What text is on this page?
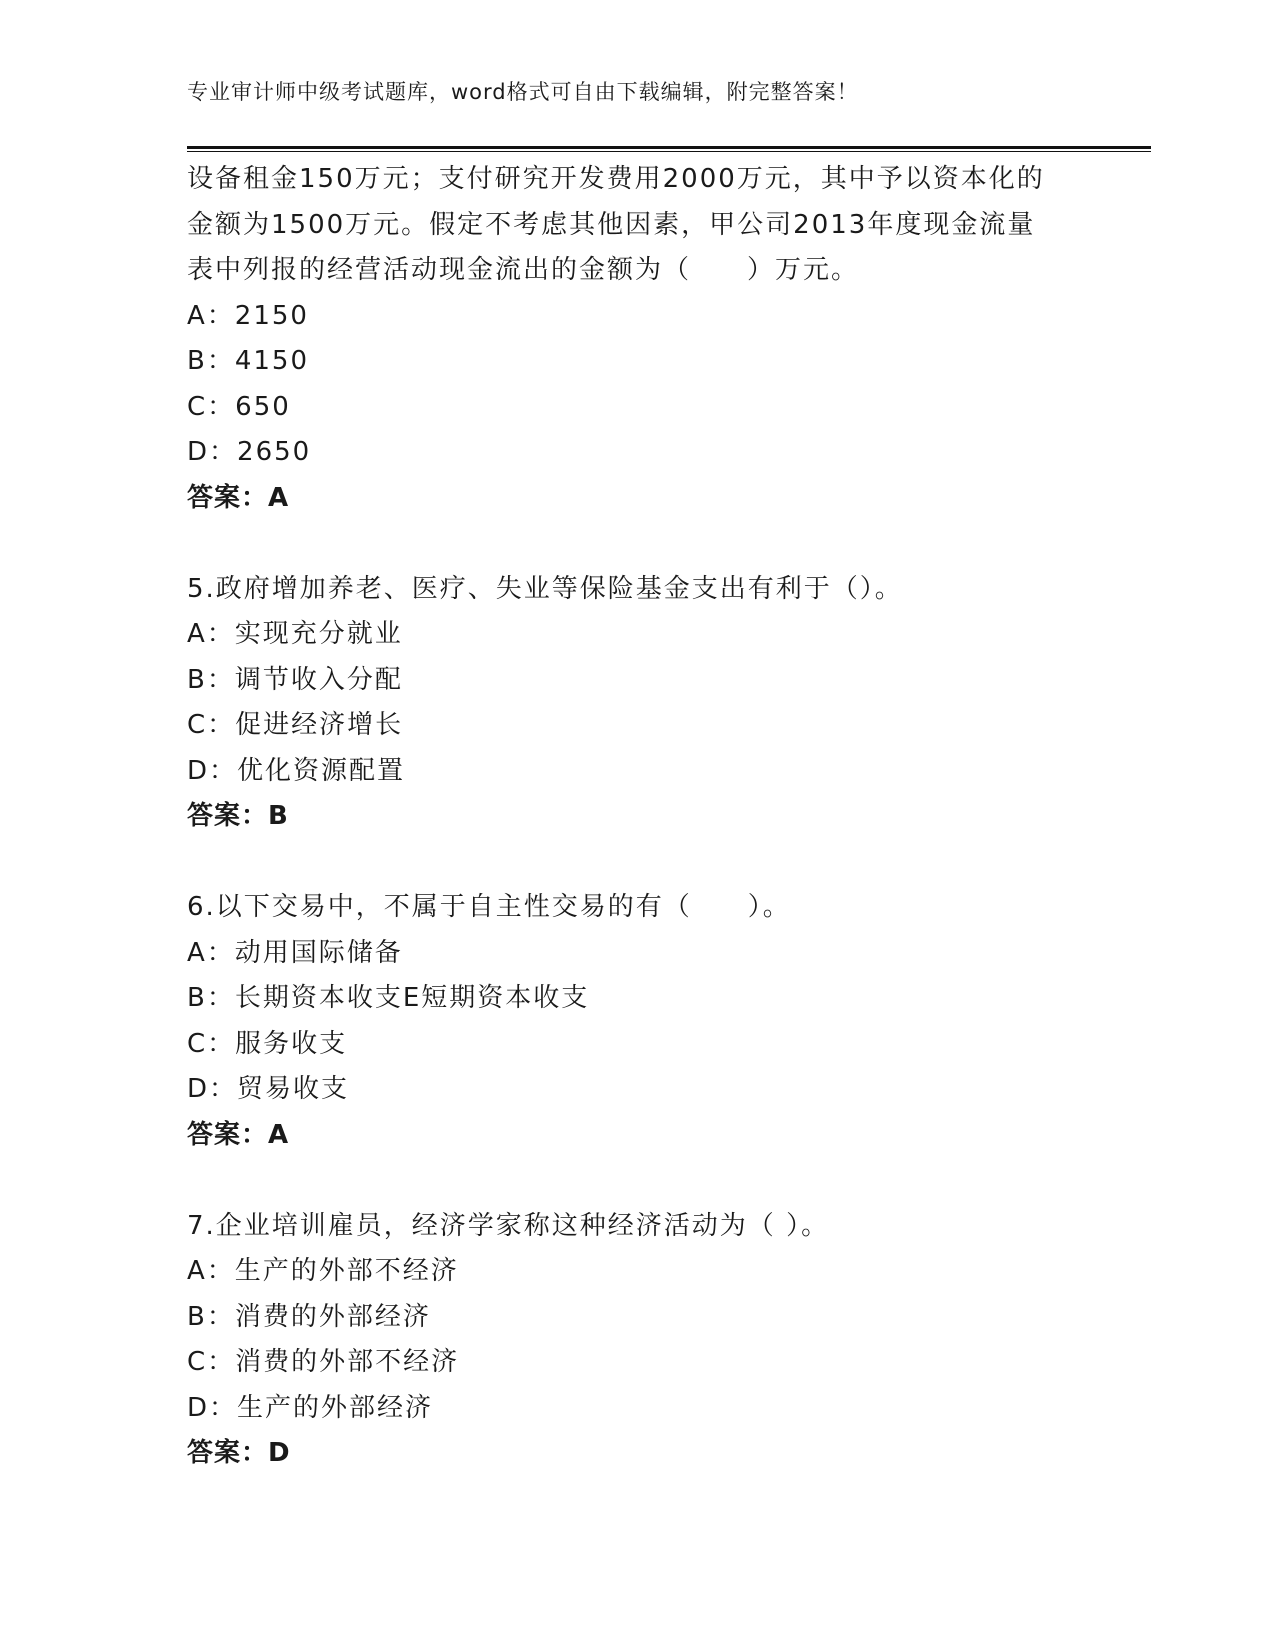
专业审计师中级考试题库，word格式可自由下载编辑，附完整答案！
设备租金150万元；支付研究开发费用2000万元，其中予以资本化的
金额为1500万元。假定不考虑其他因素，甲公司2013年度现金流量
表中列报的经营活动现金流出的金额为（　　）万元。
A：2150
B：4150
C：650
D：2650
答案：A
5.政府增加养老、医疗、失业等保险基金支出有利于（）。
A：实现充分就业
B：调节收入分配
C：促进经济增长
D：优化资源配置
答案：B
6.以下交易中，不属于自主性交易的有（　　）。
A：动用国际储备
B：长期资本收支E短期资本收支
C：服务收支
D：贸易收支
答案：A
7.企业培训雇员，经济学家称这种经济活动为（ ）。
A：生产的外部不经济
B：消费的外部经济
C：消费的外部不经济
D：生产的外部经济
答案：D
